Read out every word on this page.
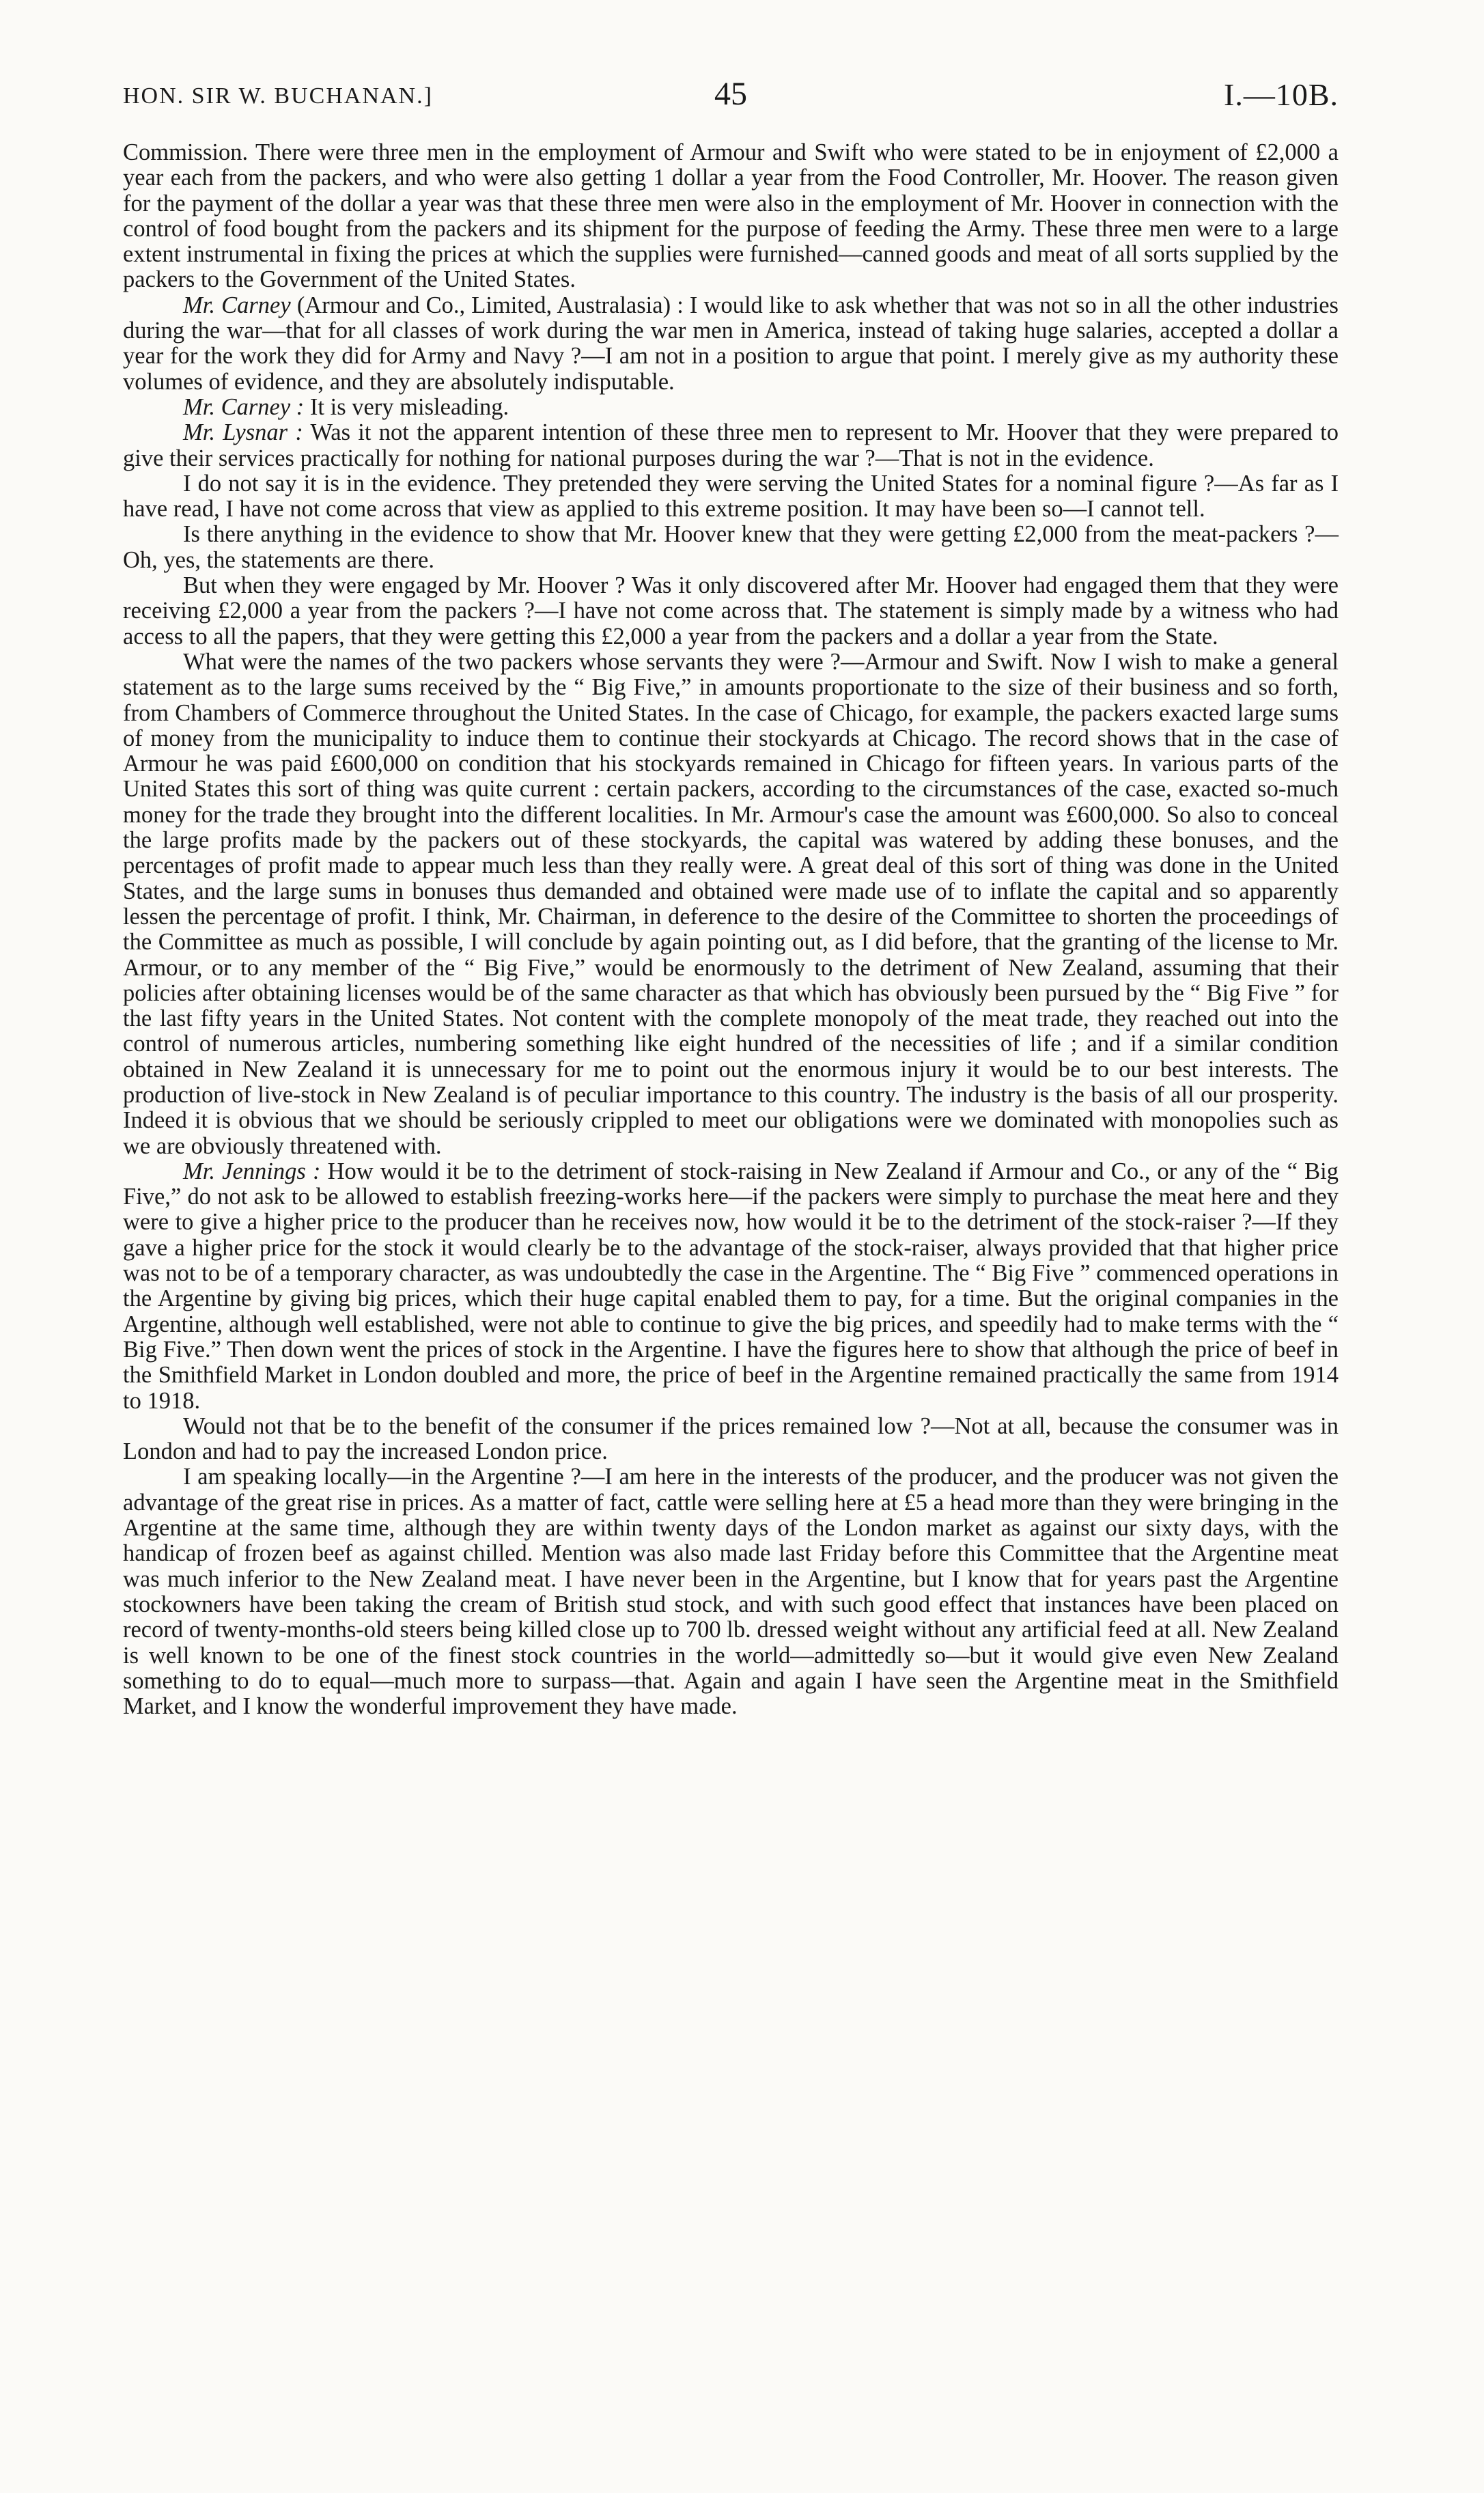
HON. SIR W. BUCHANAN.]	45	I.—10B.

Commission. There were three men in the employment of Armour and Swift who were stated to be in enjoyment of £2,000 a year each from the packers, and who were also getting 1 dollar a year from the Food Controller, Mr. Hoover. The reason given for the payment of the dollar a year was that these three men were also in the employment of Mr. Hoover in connection with the control of food bought from the packers and its shipment for the purpose of feeding the Army. These three men were to a large extent instrumental in fixing the prices at which the supplies were furnished—canned goods and meat of all sorts supplied by the packers to the Government of the United States.

Mr. Carney (Armour and Co., Limited, Australasia) : I would like to ask whether that was not so in all the other industries during the war—that for all classes of work during the war men in America, instead of taking huge salaries, accepted a dollar a year for the work they did for Army and Navy ?—I am not in a position to argue that point. I merely give as my authority these volumes of evidence, and they are absolutely indisputable.

Mr. Carney : It is very misleading.

Mr. Lysnar : Was it not the apparent intention of these three men to represent to Mr. Hoover that they were prepared to give their services practically for nothing for national purposes during the war ?—That is not in the evidence.

I do not say it is in the evidence. They pretended they were serving the United States for a nominal figure ?—As far as I have read, I have not come across that view as applied to this extreme position. It may have been so—I cannot tell.

Is there anything in the evidence to show that Mr. Hoover knew that they were getting £2,000 from the meat-packers ?—Oh, yes, the statements are there.

But when they were engaged by Mr. Hoover ? Was it only discovered after Mr. Hoover had engaged them that they were receiving £2,000 a year from the packers ?—I have not come across that. The statement is simply made by a witness who had access to all the papers, that they were getting this £2,000 a year from the packers and a dollar a year from the State.

What were the names of the two packers whose servants they were ?—Armour and Swift. Now I wish to make a general statement as to the large sums received by the “ Big Five,” in amounts proportionate to the size of their business and so forth, from Chambers of Commerce throughout the United States. In the case of Chicago, for example, the packers exacted large sums of money from the municipality to induce them to continue their stockyards at Chicago. The record shows that in the case of Armour he was paid £600,000 on condition that his stockyards remained in Chicago for fifteen years. In various parts of the United States this sort of thing was quite current : certain packers, according to the circumstances of the case, exacted so-much money for the trade they brought into the different localities. In Mr. Armour's case the amount was £600,000. So also to conceal the large profits made by the packers out of these stockyards, the capital was watered by adding these bonuses, and the percentages of profit made to appear much less than they really were. A great deal of this sort of thing was done in the United States, and the large sums in bonuses thus demanded and obtained were made use of to inflate the capital and so apparently lessen the percentage of profit. I think, Mr. Chairman, in deference to the desire of the Committee to shorten the proceedings of the Committee as much as possible, I will conclude by again pointing out, as I did before, that the granting of the license to Mr. Armour, or to any member of the “ Big Five,” would be enormously to the detriment of New Zealand, assuming that their policies after obtaining licenses would be of the same character as that which has obviously been pursued by the “ Big Five ” for the last fifty years in the United States. Not content with the complete monopoly of the meat trade, they reached out into the control of numerous articles, numbering something like eight hundred of the necessities of life ; and if a similar condition obtained in New Zealand it is unnecessary for me to point out the enormous injury it would be to our best interests. The production of live-stock in New Zealand is of peculiar importance to this country. The industry is the basis of all our prosperity. Indeed it is obvious that we should be seriously crippled to meet our obligations were we dominated with monopolies such as we are obviously threatened with.

Mr. Jennings : How would it be to the detriment of stock-raising in New Zealand if Armour and Co., or any of the “ Big Five,” do not ask to be allowed to establish freezing-works here—if the packers were simply to purchase the meat here and they were to give a higher price to the producer than he receives now, how would it be to the detriment of the stock-raiser ?—If they gave a higher price for the stock it would clearly be to the advantage of the stock-raiser, always provided that that higher price was not to be of a temporary character, as was undoubtedly the case in the Argentine. The “ Big Five ” commenced operations in the Argentine by giving big prices, which their huge capital enabled them to pay, for a time. But the original companies in the Argentine, although well established, were not able to continue to give the big prices, and speedily had to make terms with the “ Big Five.” Then down went the prices of stock in the Argentine. I have the figures here to show that although the price of beef in the Smithfield Market in London doubled and more, the price of beef in the Argentine remained practically the same from 1914 to 1918.

Would not that be to the benefit of the consumer if the prices remained low ?—Not at all, because the consumer was in London and had to pay the increased London price.

I am speaking locally—in the Argentine ?—I am here in the interests of the producer, and the producer was not given the advantage of the great rise in prices. As a matter of fact, cattle were selling here at £5 a head more than they were bringing in the Argentine at the same time, although they are within twenty days of the London market as against our sixty days, with the handicap of frozen beef as against chilled. Mention was also made last Friday before this Committee that the Argentine meat was much inferior to the New Zealand meat. I have never been in the Argentine, but I know that for years past the Argentine stockowners have been taking the cream of British stud stock, and with such good effect that instances have been placed on record of twenty-months-old steers being killed close up to 700 lb. dressed weight without any artificial feed at all. New Zealand is well known to be one of the finest stock countries in the world—admittedly so—but it would give even New Zealand something to do to equal—much more to surpass—that. Again and again I have seen the Argentine meat in the Smithfield Market, and I know the wonderful improvement they have made.
